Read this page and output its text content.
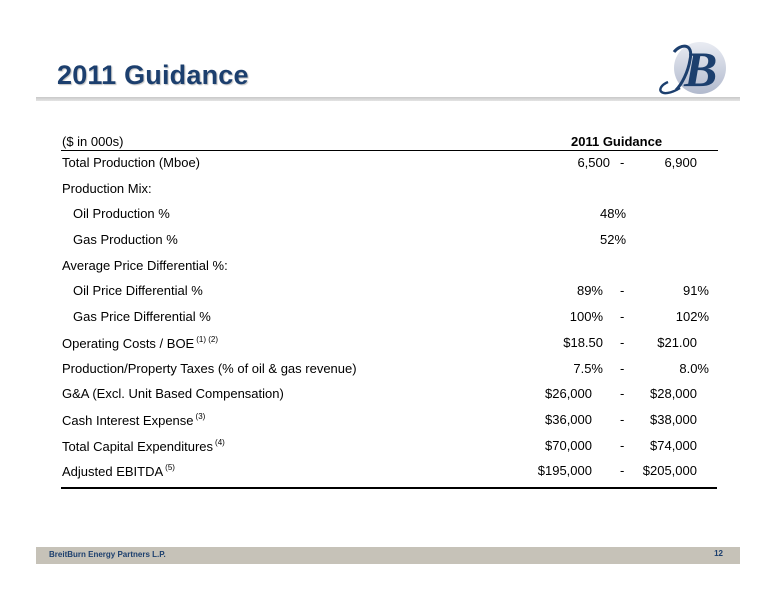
2011 Guidance	B
($ in 000s)	2011 Guidance
Total Production (Mboe)	6,500 -	6,900
Production Mix:
Oil Production %	48%
Gas Production %	52%
Average Price Differential %:
Oil Price Differential %	89% -	91%
Gas Price Differential %	100% -	102%
Operating Costs / BOE $^{(1) (2)}$	$18.50 -	$21.00
Production/Property Taxes (% of oil & gas revenue)	7.5% -	8.0%
G&A (Excl. Unit Based Compensation)	$26,000 - $28,000
Cash Interest Expense $^{(3)}$	$36,000 - $38,000
Total Capital Expenditures $^{(4)}$	$70,000 - $74,000
Adjusted EBITDA $^{(5)}$	$195,000 - $205,000
BreitBurn Energy Partners L.P.	12
